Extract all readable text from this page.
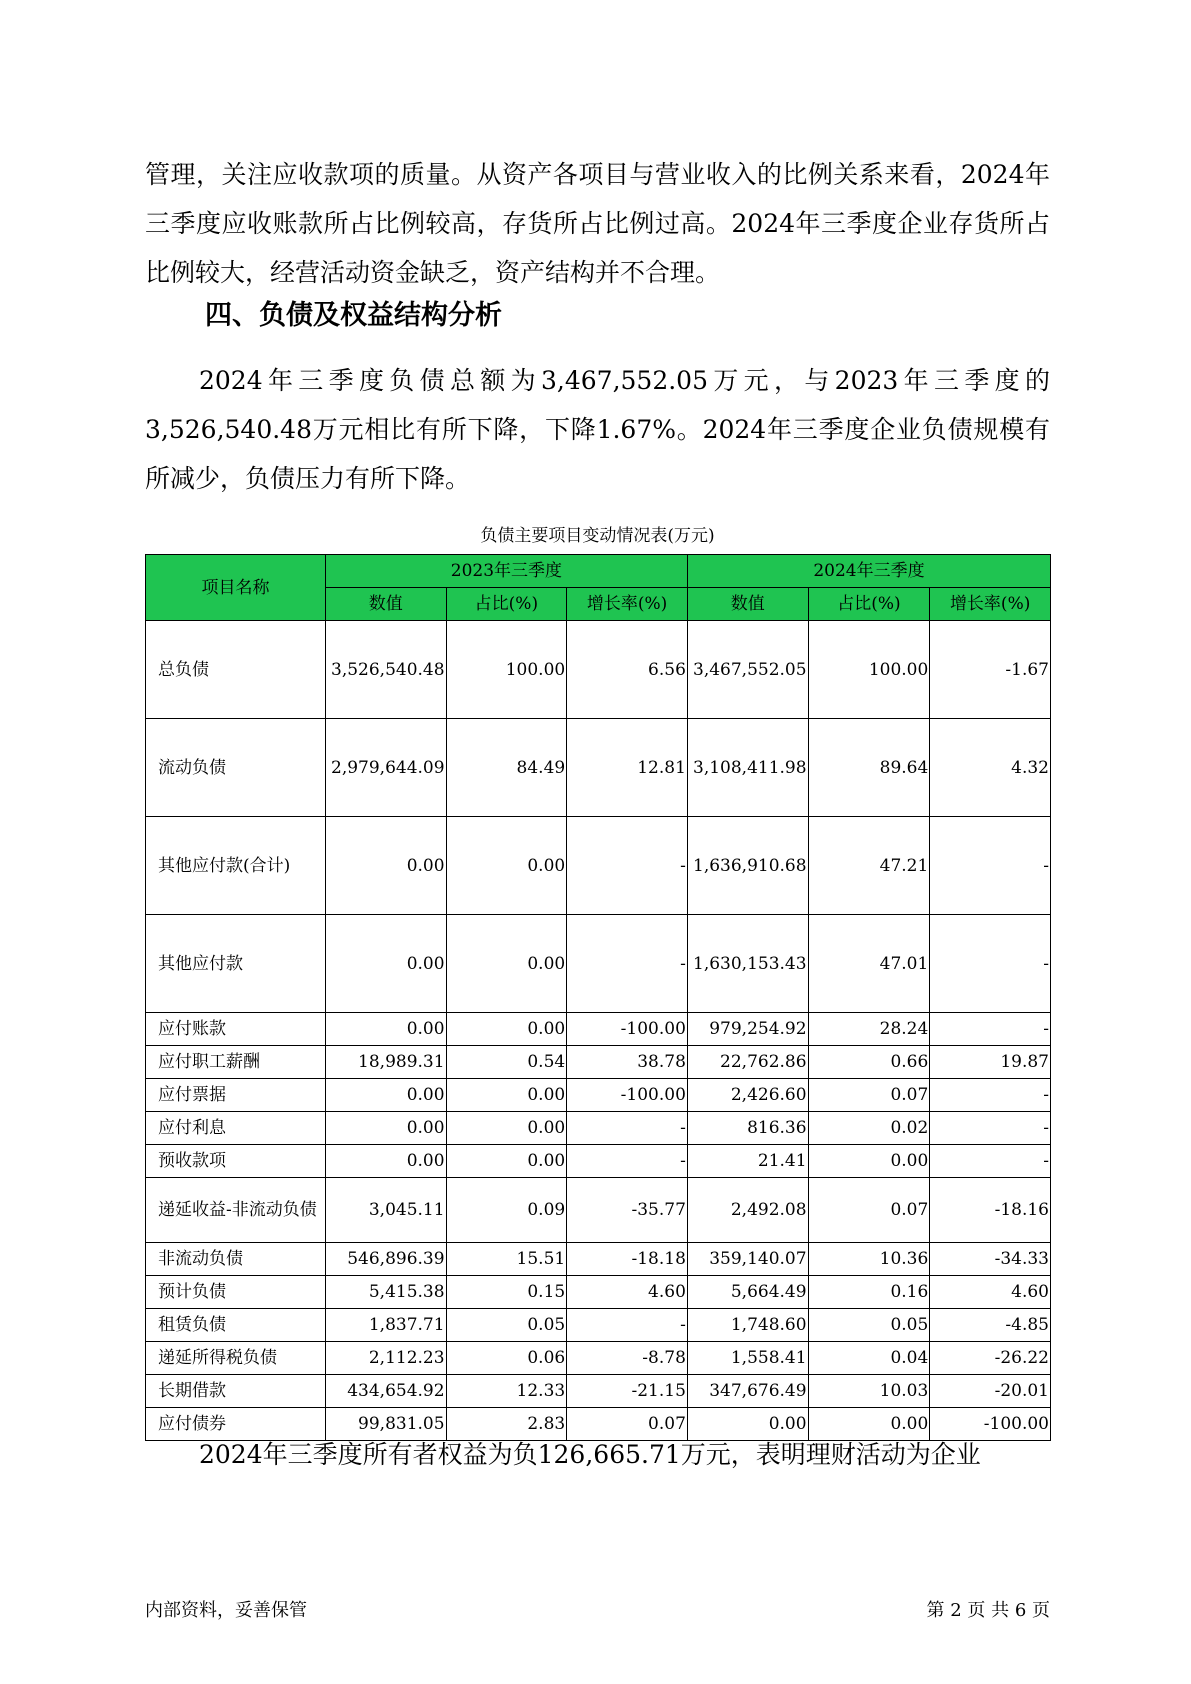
管理，关注应收款项的质量。从资产各项目与营业收入的比例关系来看，2024年三季度应收账款所占比例较高，存货所占比例过高。2024年三季度企业存货所占比例较大，经营活动资金缺乏，资产结构并不合理。

四、负债及权益结构分析

2024年三季度负债总额为3,467,552.05万元，与2023年三季度的3,526,540.48万元相比有所下降，下降1.67%。2024年三季度企业负债规模有所减少，负债压力有所下降。

负债主要项目变动情况表(万元)
项目名称	2023年三季度			2024年三季度		
	数值	占比(%)	增长率(%)	数值	占比(%)	增长率(%)
总负债	3,526,540.48	100.00	6.56	3,467,552.05	100.00	-1.67
流动负债	2,979,644.09	84.49	12.81	3,108,411.98	89.64	4.32
其他应付款(合计)	0.00	0.00	-	1,636,910.68	47.21	-
其他应付款	0.00	0.00	-	1,630,153.43	47.01	-
应付账款	0.00	0.00	-100.00	979,254.92	28.24	-
应付职工薪酬	18,989.31	0.54	38.78	22,762.86	0.66	19.87
应付票据	0.00	0.00	-100.00	2,426.60	0.07	-
应付利息	0.00	0.00	-	816.36	0.02	-
预收款项	0.00	0.00	-	21.41	0.00	-
递延收益-非流动负债	3,045.11	0.09	-35.77	2,492.08	0.07	-18.16
非流动负债	546,896.39	15.51	-18.18	359,140.07	10.36	-34.33
预计负债	5,415.38	0.15	4.60	5,664.49	0.16	4.60
租赁负债	1,837.71	0.05	-	1,748.60	0.05	-4.85
递延所得税负债	2,112.23	0.06	-8.78	1,558.41	0.04	-26.22
长期借款	434,654.92	12.33	-21.15	347,676.49	10.03	-20.01
应付债券	99,831.05	2.83	0.07	0.00	0.00	-100.00

2024年三季度所有者权益为负126,665.71万元，表明理财活动为企业

内部资料，妥善保管	第 2 页 共 6 页
